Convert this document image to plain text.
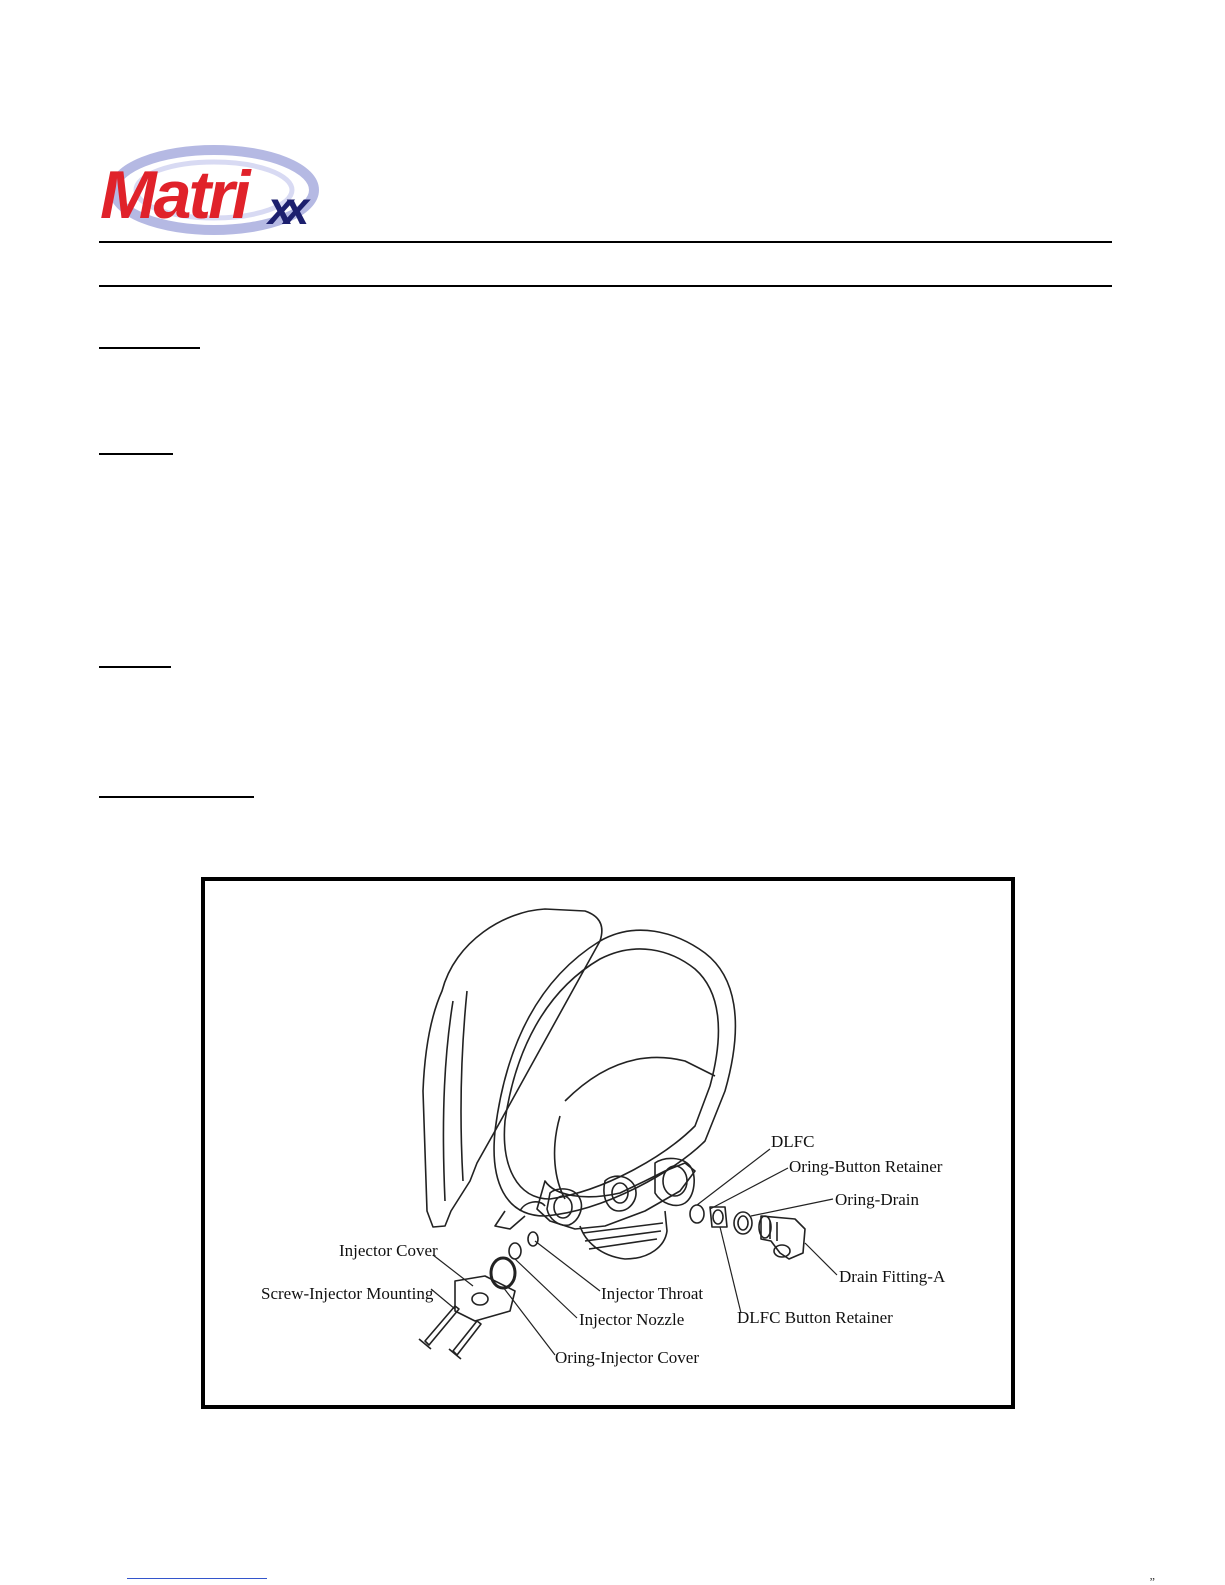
Matri xx
DLFC
Oring-Button Retainer
Oring-Drain
Drain Fitting-A
DLFC Button Retainer
Injector Throat
Injector Nozzle
Oring-Injector Cover
Injector Cover
Screw-Injector Mounting
„
